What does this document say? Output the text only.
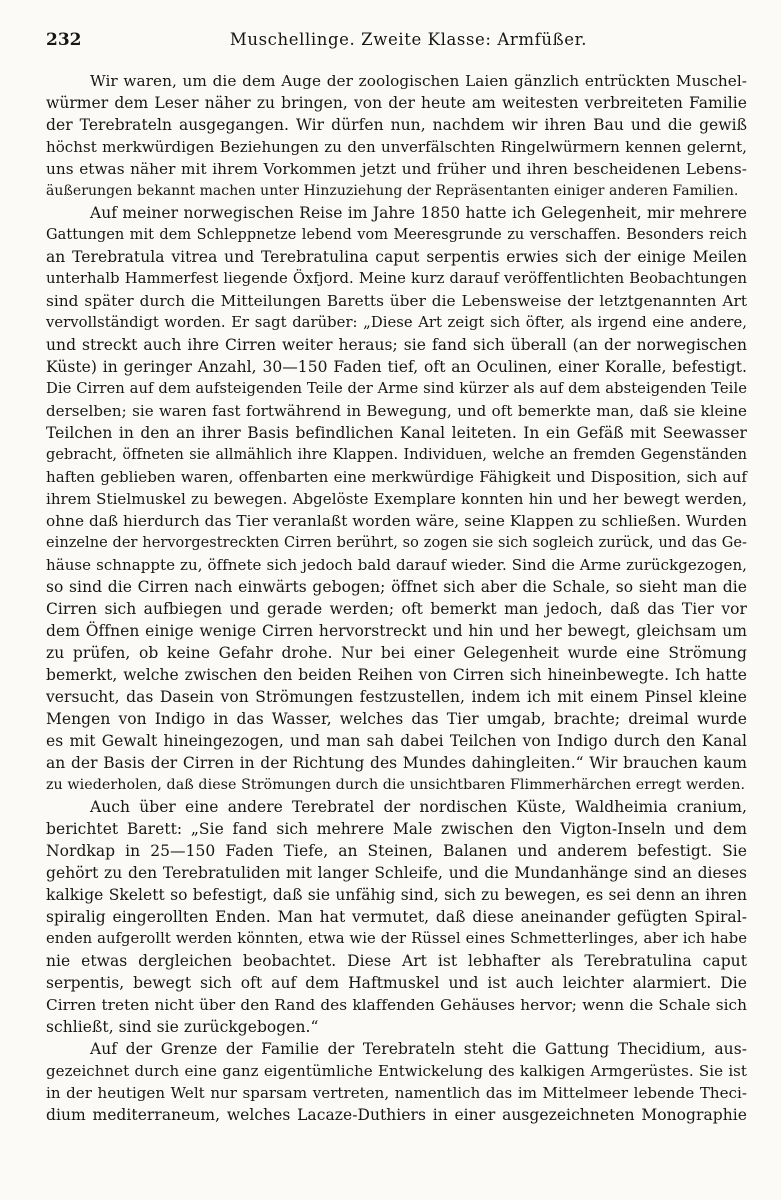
232	Muschellinge. Zweite Klasse: Armfüßer.
Wir waren, um die dem Auge der zoologischen Laien gänzlich entrückten Muschel-
würmer dem Leser näher zu bringen, von der heute am weitesten verbreiteten Familie
der Terebrateln ausgegangen. Wir dürfen nun, nachdem wir ihren Bau und die gewiß
höchst merkwürdigen Beziehungen zu den unverfälschten Ringelwürmern kennen gelernt,
uns etwas näher mit ihrem Vorkommen jetzt und früher und ihren bescheidenen Lebens-
äußerungen bekannt machen unter Hinzuziehung der Repräsentanten einiger anderen Familien.
Auf meiner norwegischen Reise im Jahre 1850 hatte ich Gelegenheit, mir mehrere
Gattungen mit dem Schleppnetze lebend vom Meeresgrunde zu verschaffen. Besonders reich
an Terebratula vitrea und Terebratulina caput serpentis erwies sich der einige Meilen
unterhalb Hammerfest liegende Öxfjord. Meine kurz darauf veröffentlichten Beobachtungen
sind später durch die Mitteilungen Baretts über die Lebensweise der letztgenannten Art
vervollständigt worden. Er sagt darüber: „Diese Art zeigt sich öfter, als irgend eine andere,
und streckt auch ihre Cirren weiter heraus; sie fand sich überall (an der norwegischen
Küste) in geringer Anzahl, 30—150 Faden tief, oft an Oculinen, einer Koralle, befestigt.
Die Cirren auf dem aufsteigenden Teile der Arme sind kürzer als auf dem absteigenden Teile
derselben; sie waren fast fortwährend in Bewegung, und oft bemerkte man, daß sie kleine
Teilchen in den an ihrer Basis befindlichen Kanal leiteten. In ein Gefäß mit Seewasser
gebracht, öffneten sie allmählich ihre Klappen. Individuen, welche an fremden Gegenständen
haften geblieben waren, offenbarten eine merkwürdige Fähigkeit und Disposition, sich auf
ihrem Stielmuskel zu bewegen. Abgelöste Exemplare konnten hin und her bewegt werden,
ohne daß hierdurch das Tier veranlaßt worden wäre, seine Klappen zu schließen. Wurden
einzelne der hervorgestreckten Cirren berührt, so zogen sie sich sogleich zurück, und das Ge-
häuse schnappte zu, öffnete sich jedoch bald darauf wieder. Sind die Arme zurückgezogen,
so sind die Cirren nach einwärts gebogen; öffnet sich aber die Schale, so sieht man die
Cirren sich aufbiegen und gerade werden; oft bemerkt man jedoch, daß das Tier vor
dem Öffnen einige wenige Cirren hervorstreckt und hin und her bewegt, gleichsam um
zu prüfen, ob keine Gefahr drohe. Nur bei einer Gelegenheit wurde eine Strömung
bemerkt, welche zwischen den beiden Reihen von Cirren sich hineinbewegte. Ich hatte
versucht, das Dasein von Strömungen festzustellen, indem ich mit einem Pinsel kleine
Mengen von Indigo in das Wasser, welches das Tier umgab, brachte; dreimal wurde
es mit Gewalt hineingezogen, und man sah dabei Teilchen von Indigo durch den Kanal
an der Basis der Cirren in der Richtung des Mundes dahingleiten.“ Wir brauchen kaum
zu wiederholen, daß diese Strömungen durch die unsichtbaren Flimmerhärchen erregt werden.
Auch über eine andere Terebratel der nordischen Küste, Waldheimia cranium,
berichtet Barett: „Sie fand sich mehrere Male zwischen den Vigton-Inseln und dem
Nordkap in 25—150 Faden Tiefe, an Steinen, Balanen und anderem befestigt. Sie
gehört zu den Terebratuliden mit langer Schleife, und die Mundanhänge sind an dieses
kalkige Skelett so befestigt, daß sie unfähig sind, sich zu bewegen, es sei denn an ihren
spiralig eingerollten Enden. Man hat vermutet, daß diese aneinander gefügten Spiral-
enden aufgerollt werden könnten, etwa wie der Rüssel eines Schmetterlinges, aber ich habe
nie etwas dergleichen beobachtet. Diese Art ist lebhafter als Terebratulina caput
serpentis, bewegt sich oft auf dem Haftmuskel und ist auch leichter alarmiert. Die
Cirren treten nicht über den Rand des klaffenden Gehäuses hervor; wenn die Schale sich
schließt, sind sie zurückgebogen.“
Auf der Grenze der Familie der Terebrateln steht die Gattung Thecidium, aus-
gezeichnet durch eine ganz eigentümliche Entwickelung des kalkigen Armgerüstes. Sie ist
in der heutigen Welt nur sparsam vertreten, namentlich das im Mittelmeer lebende Theci-
dium mediterraneum, welches Lacaze-Duthiers in einer ausgezeichneten Monographie
